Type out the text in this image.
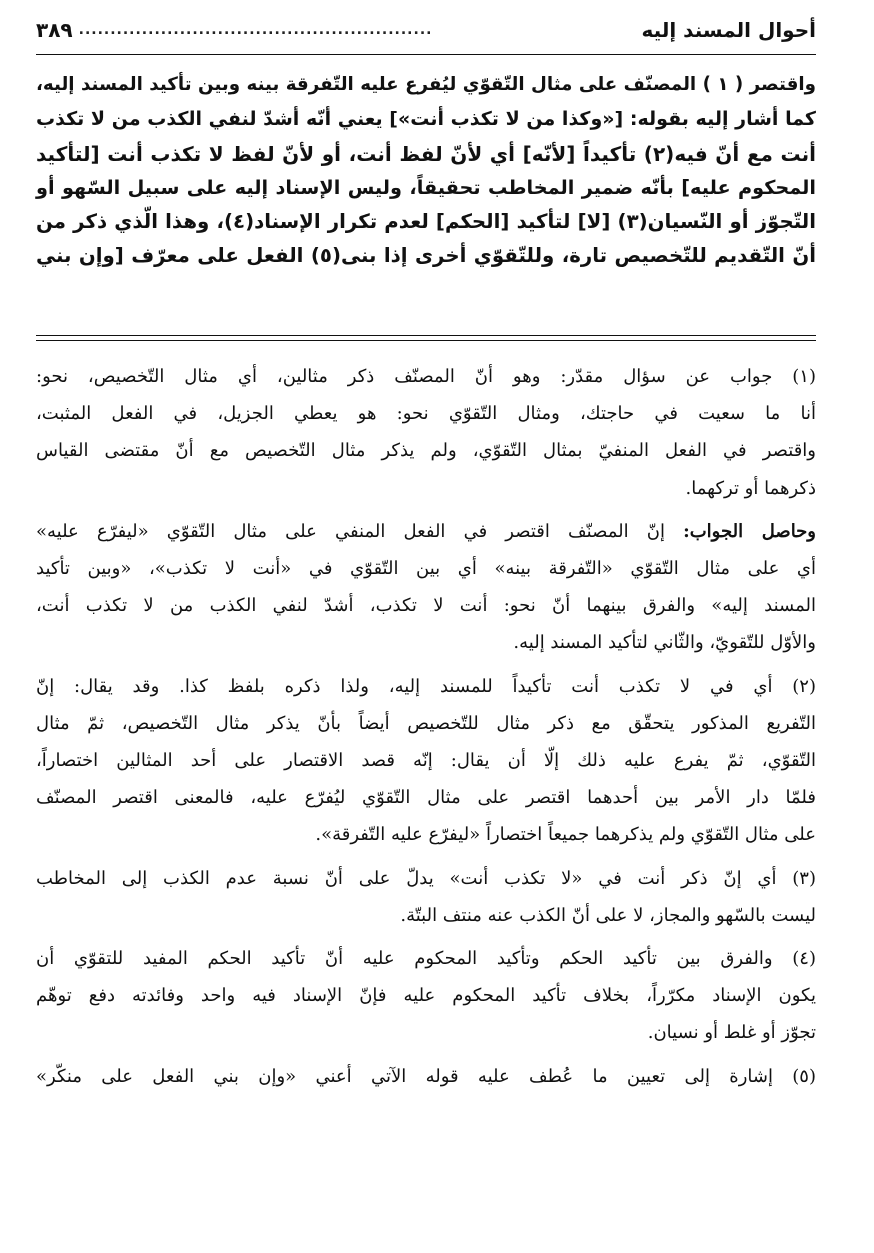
أحوال المسند إليه
........................................................
٣٨٩

واقتصر ( ١ ) المصنّف على مثال التّقوّي ليُفرع عليه التّفرقة بينه وبين تأكيد المسند إليه،

كما أشار إليه بقوله: [«وكذا من لا تكذب أنت»] يعني أنّه أشدّ لنفي الكذب من لا تكذب

أنت مع أنّ فيه(٢) تأكيداً [لأنّه] أي لأنّ لفظ أنت، أو لأنّ لفظ لا تكذب أنت [لتأكيد

المحكوم عليه] بأنّه ضمير المخاطب تحقيقاً، وليس الإسناد إليه على سبيل السّهو أو

التّجوّز أو النّسيان(٣) [لا] لتأكيد [الحكم] لعدم تكرار الإسناد(٤)، وهذا الّذي ذكر من

أنّ التّقديم للتّخصيص تارة، وللتّقوّي أخرى إذا بنى(٥) الفعل على معرّف [وإن بني

(١) جواب عن سؤال مقدّر: وهو أنّ المصنّف ذكر مثالين، أي مثال التّخصيص، نحو:

أنا ما سعيت في حاجتك، ومثال التّقوّي نحو: هو يعطي الجزيل، في الفعل المثبت،

واقتصر في الفعل المنفيّ بمثال التّقوّي، ولم يذكر مثال التّخصيص مع أنّ مقتضى القياس

ذكرهما أو تركهما.

وحاصل الجواب: إنّ المصنّف اقتصر في الفعل المنفي على مثال التّقوّي «ليفرّع عليه»

أي على مثال التّقوّي «التّفرقة بينه» أي بين التّقوّي في «أنت لا تكذب»، «وبين تأكيد

المسند إليه» والفرق بينهما أنّ نحو: أنت لا تكذب، أشدّ لنفي الكذب من لا تكذب أنت،

والأوّل للتّقويّ، والثّاني لتأكيد المسند إليه.

(٢) أي في لا تكذب أنت تأكيداً للمسند إليه، ولذا ذكره بلفظ كذا. وقد يقال: إنّ

التّفريع المذكور يتحقّق مع ذكر مثال للتّخصيص أيضاً بأنّ يذكر مثال التّخصيص، ثمّ مثال

التّقوّي، ثمّ يفرع عليه ذلك إلّا أن يقال: إنّه قصد الاقتصار على أحد المثالين اختصاراً،

فلمّا دار الأمر بين أحدهما اقتصر على مثال التّقوّي ليُفرّع عليه، فالمعنى اقتصر المصنّف

على مثال التّقوّي ولم يذكرهما جميعاً اختصاراً «ليفرّع عليه التّفرقة».

(٣) أي إنّ ذكر أنت في «لا تكذب أنت» يدلّ على أنّ نسبة عدم الكذب إلى المخاطب

ليست بالسّهو والمجاز، لا على أنّ الكذب عنه منتف البتّة.

(٤) والفرق بين تأكيد الحكم وتأكيد المحكوم عليه أنّ تأكيد الحكم المفيد للتقوّي أن

يكون الإسناد مكرّراً، بخلاف تأكيد المحكوم عليه فإنّ الإسناد فيه واحد وفائدته دفع توهّم

تجوّز أو غلط أو نسيان.

(٥) إشارة إلى تعيين ما عُطف عليه قوله الآتي أعني «وإن بني الفعل على منكّر»
